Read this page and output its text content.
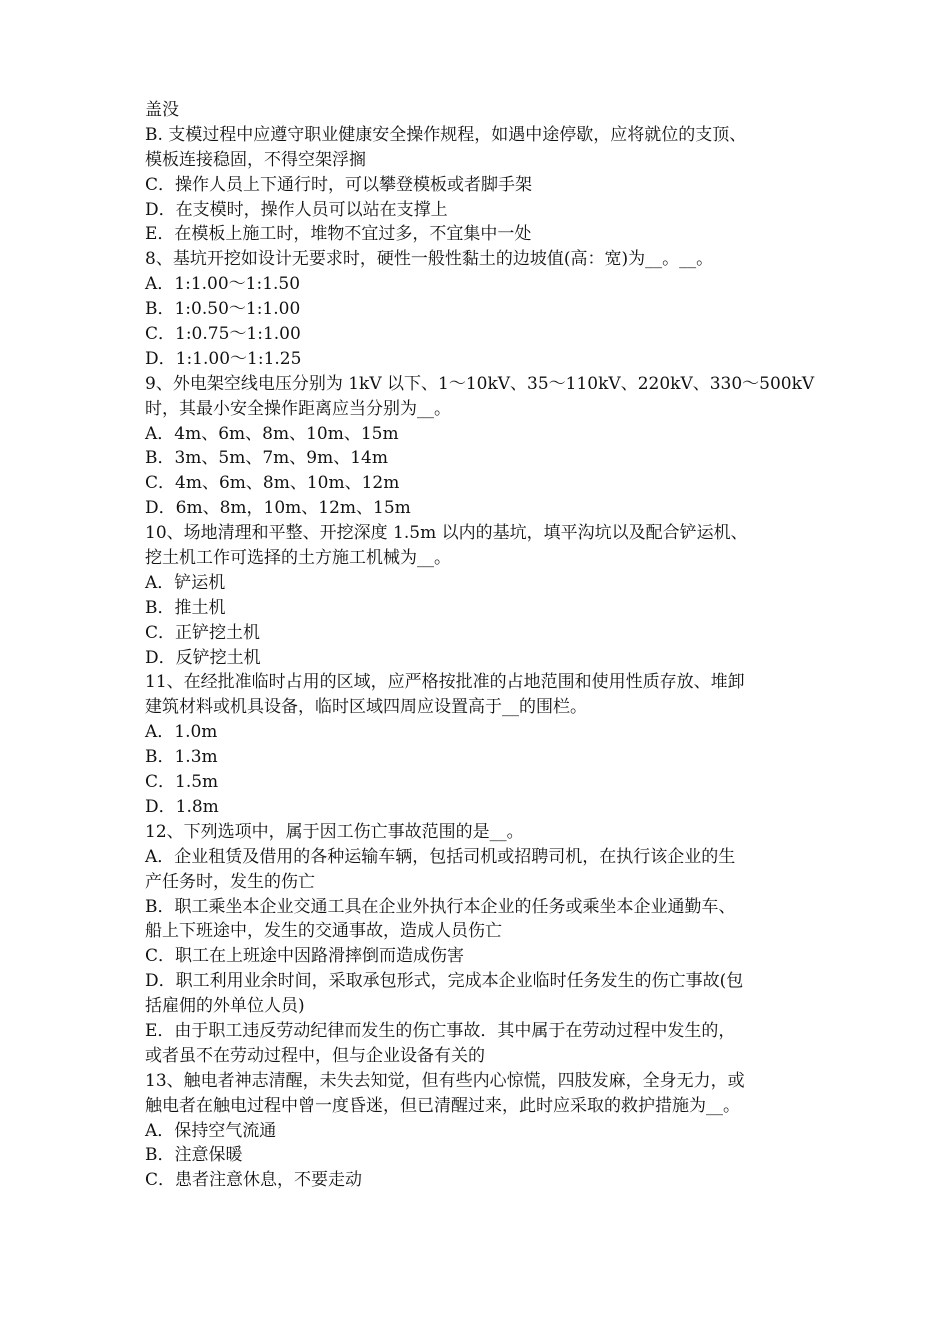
盖没
B. 支模过程中应遵守职业健康安全操作规程，如遇中途停歇，应将就位的支顶、
模板连接稳固，不得空架浮搁
C．操作人员上下通行时，可以攀登模板或者脚手架
D．在支模时，操作人员可以站在支撑上
E．在模板上施工时，堆物不宜过多，不宜集中一处
8、基坑开挖如设计无要求时，硬性一般性黏土的边坡值(高：宽)为__。__。
A．1:1.00～1:1.50
B．1:0.50～1:1.00
C．1:0.75～1:1.00
D．1:1.00～1:1.25
9、外电架空线电压分别为 1kV 以下、1～10kV、35～110kV、220kV、330～500kV
时，其最小安全操作距离应当分别为__。
A．4m、6m、8m、10m、15m
B．3m、5m、7m、9m、14m
C．4m、6m、8m、10m、12m
D．6m、8m，10m、12m、15m
10、场地清理和平整、开挖深度 1.5m 以内的基坑，填平沟坑以及配合铲运机、
挖土机工作可选择的土方施工机械为__。
A．铲运机
B．推土机
C．正铲挖土机
D．反铲挖土机
11、在经批准临时占用的区域，应严格按批准的占地范围和使用性质存放、堆卸
建筑材料或机具设备，临时区域四周应设置高于__的围栏。
A．1.0m
B．1.3m
C．1.5m
D．1.8m
12、下列选项中，属于因工伤亡事故范围的是__。
A．企业租赁及借用的各种运输车辆，包括司机或招聘司机，在执行该企业的生
产任务时，发生的伤亡
B．职工乘坐本企业交通工具在企业外执行本企业的任务或乘坐本企业通勤车、
船上下班途中，发生的交通事故，造成人员伤亡
C．职工在上班途中因路滑摔倒而造成伤害
D．职工利用业余时间，采取承包形式，完成本企业临时任务发生的伤亡事故(包
括雇佣的外单位人员)
E．由于职工违反劳动纪律而发生的伤亡事故．其中属于在劳动过程中发生的，
或者虽不在劳动过程中，但与企业设备有关的
13、触电者神志清醒，未失去知觉，但有些内心惊慌，四肢发麻，全身无力，或
触电者在触电过程中曾一度昏迷，但已清醒过来，此时应采取的救护措施为__。
A．保持空气流通
B．注意保暖
C．患者注意休息，不要走动
